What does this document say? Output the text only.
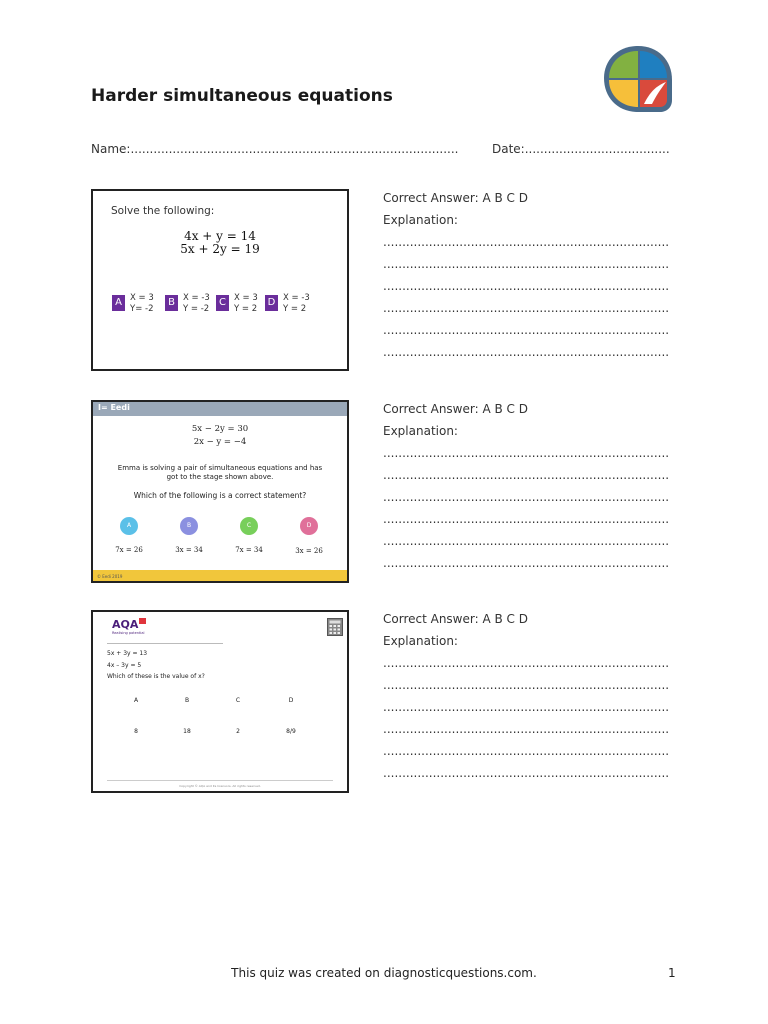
Harder simultaneous equations
Name:......................................................................................	Date:......................................
Solve the following:
4x + y = 14
5x + 2y = 19
A X = 3
Y= -2
B X = -3
Y = -2
C X = 3
Y = 2
D X = -3
Y = 2
Correct Answer: A B C D
Explanation:
...........................................................................
...........................................................................
...........................................................................
...........................................................................
...........................................................................
...........................................................................
I= Eedi
5x − 2y = 30
2x − y = −4
Emma is solving a pair of simultaneous equations and has
got to the stage shown above.
Which of the following is a correct statement?
A	B	C	D
7x = 26	3x = 34	7x = 34	3x = 26
© Eedi 2019
Correct Answer: A B C D
Explanation:
...........................................................................
...........................................................................
...........................................................................
...........................................................................
...........................................................................
...........................................................................
AQA
Realising potential
5x + 3y = 13
4x – 3y = 5
Which of these is the value of x?
A	B	C	D
8	18	2	8/9
Copyright © AQA and its licensors. All rights reserved.
Correct Answer: A B C D
Explanation:
...........................................................................
...........................................................................
...........................................................................
...........................................................................
...........................................................................
...........................................................................
This quiz was created on diagnosticquestions.com.	1
